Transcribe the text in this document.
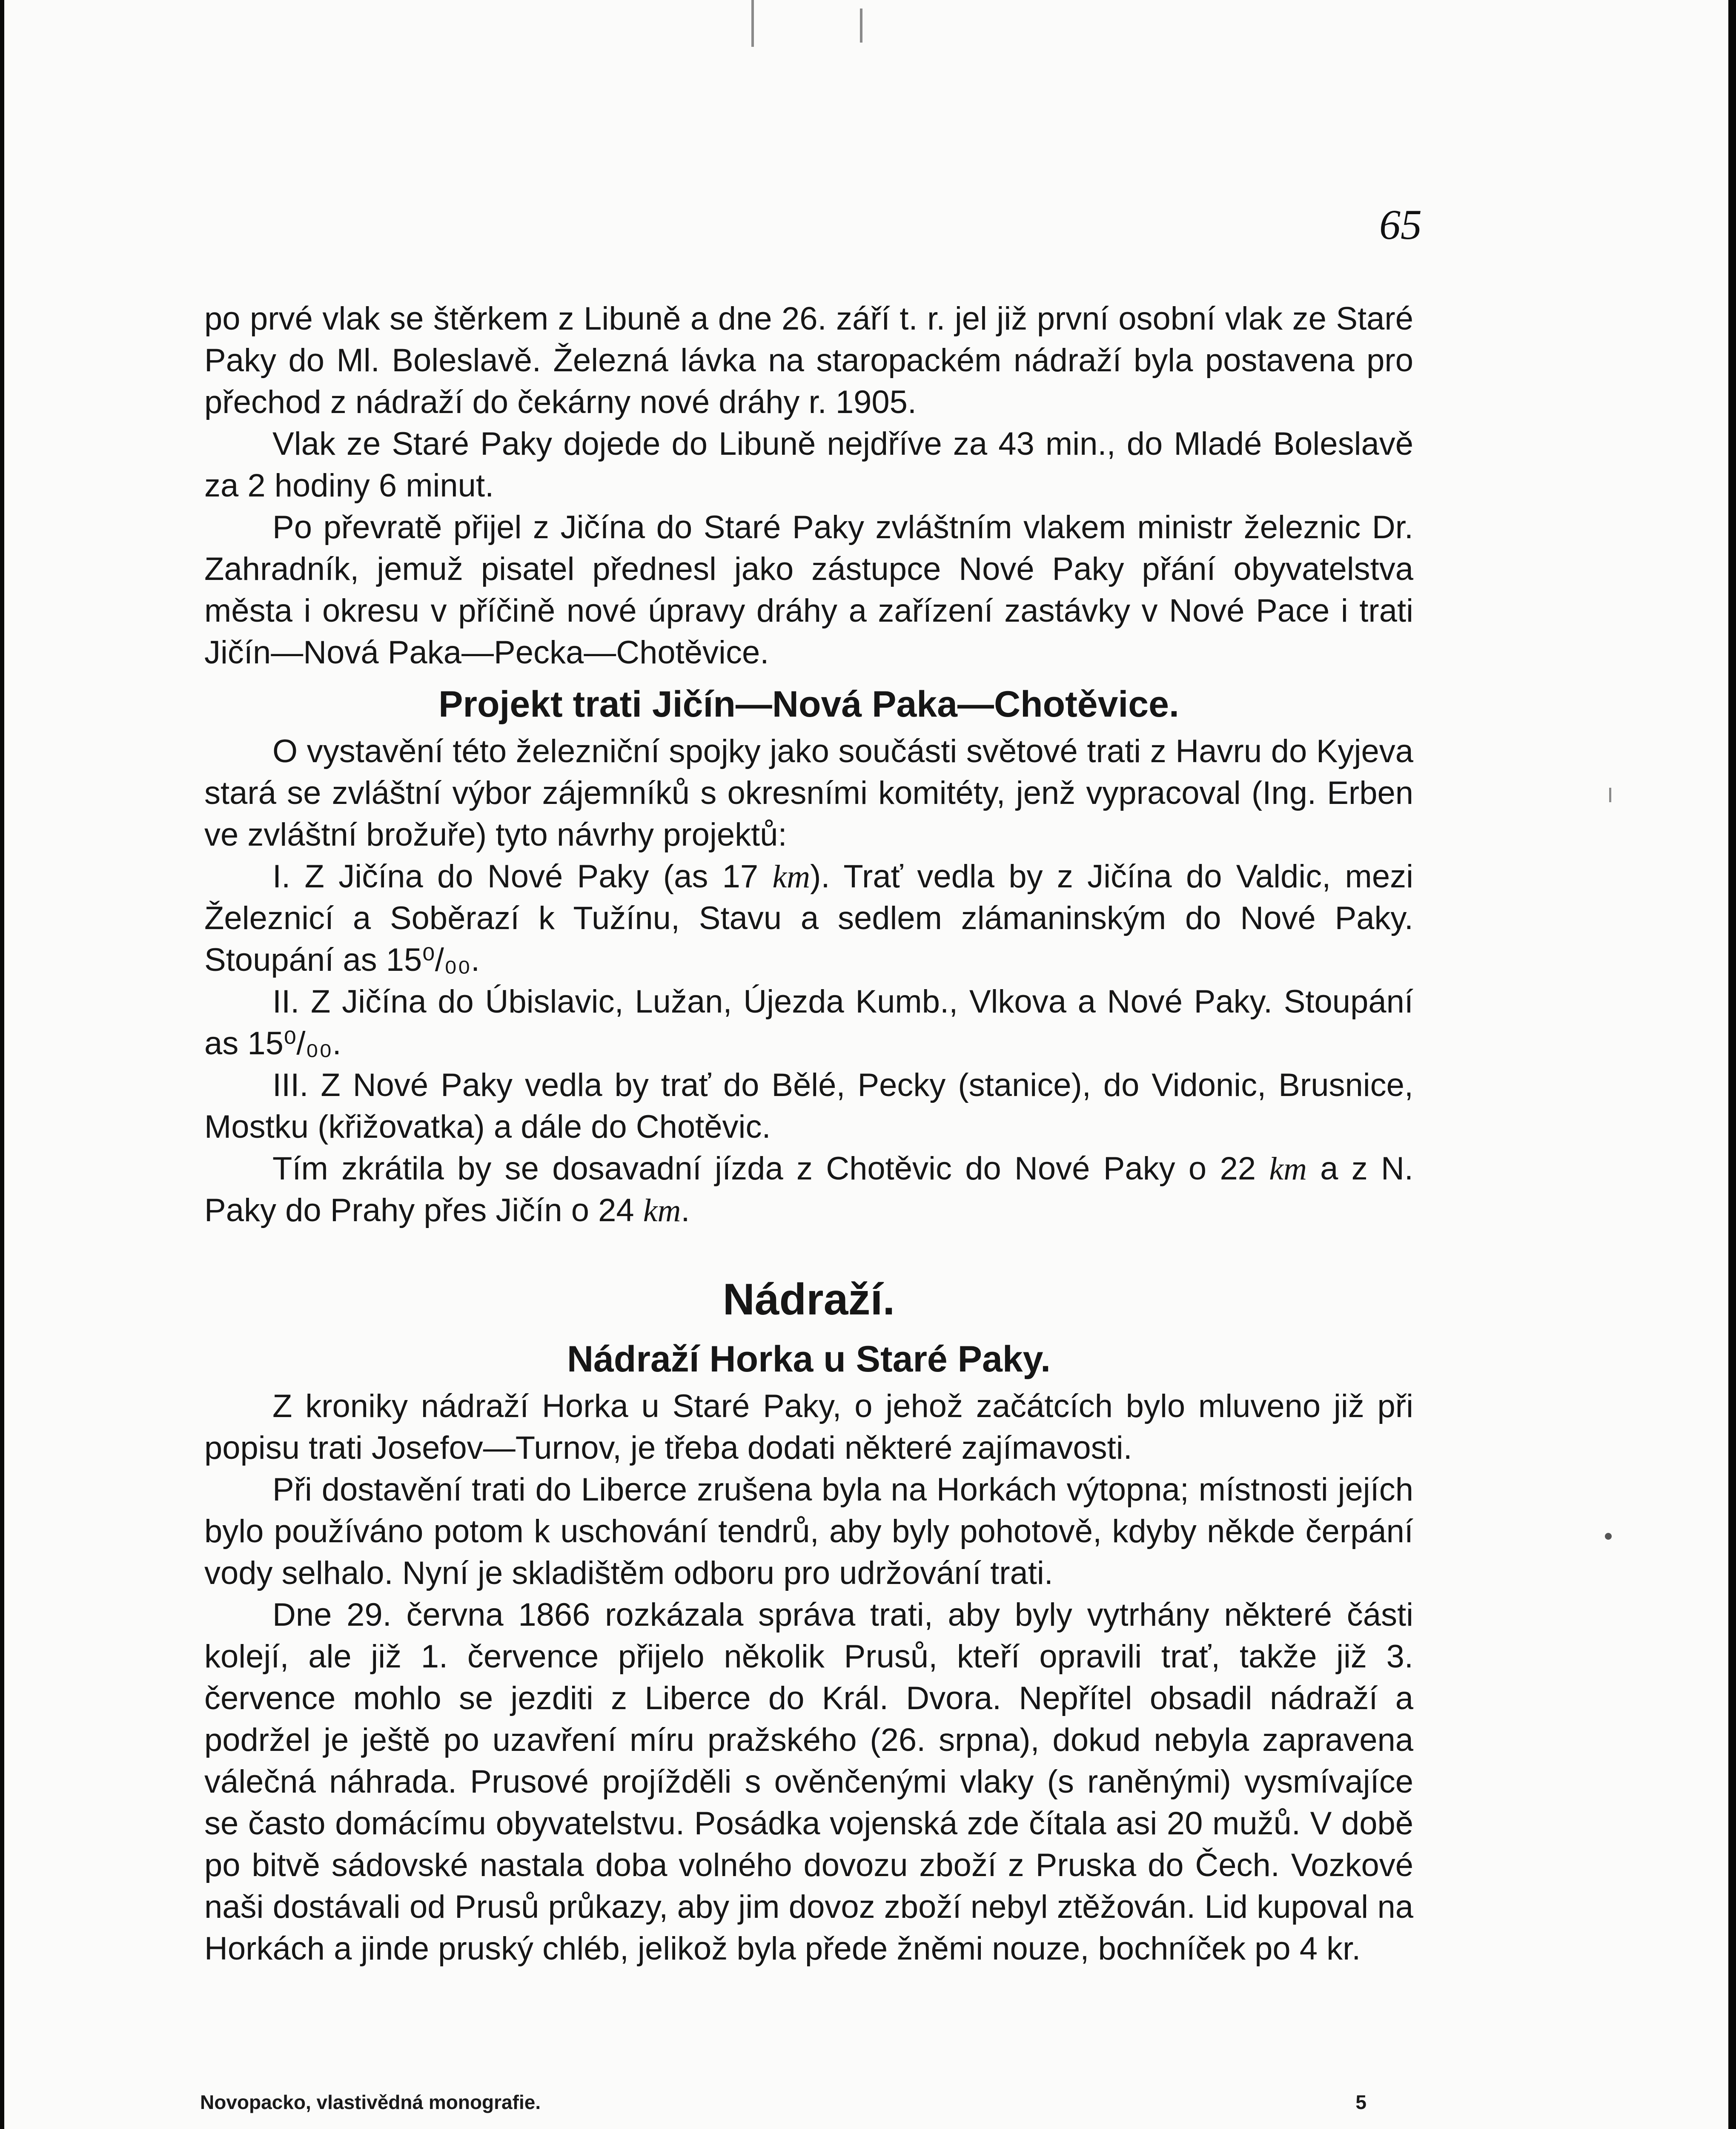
65

po prvé vlak se štěrkem z Libuně a dne 26. září t. r. jel již první osobní vlak ze Staré Paky do Ml. Boleslavě. Železná lávka na staropackém nádraží byla postavena pro přechod z nádraží do čekárny nové dráhy r. 1905.

Vlak ze Staré Paky dojede do Libuně nejdříve za 43 min., do Mladé Boleslavě za 2 hodiny 6 minut.

Po převratě přijel z Jičína do Staré Paky zvláštním vlakem ministr železnic Dr. Zahradník, jemuž pisatel přednesl jako zástupce Nové Paky přání obyvatelstva města i okresu v příčině nové úpravy dráhy a zařízení zastávky v Nové Pace i trati Jičín—Nová Paka—Pecka—Chotěvice.

Projekt trati Jičín—Nová Paka—Chotěvice.

O vystavění této železniční spojky jako součásti světové trati z Havru do Kyjeva stará se zvláštní výbor zájemníků s okresními komitéty, jenž vypracoval (Ing. Erben ve zvláštní brožuře) tyto návrhy projektů:

I. Z Jičína do Nové Paky (as 17 km). Trať vedla by z Jičína do Valdic, mezi Železnicí a Soběrazí k Tužínu, Stavu a sedlem zlámaninským do Nové Paky. Stoupání as 15⁰/₀₀.

II. Z Jičína do Úbislavic, Lužan, Újezda Kumb., Vlkova a Nové Paky. Stoupání as 15⁰/₀₀.

III. Z Nové Paky vedla by trať do Bělé, Pecky (stanice), do Vidonic, Brusnice, Mostku (křižovatka) a dále do Chotěvic.

Tím zkrátila by se dosavadní jízda z Chotěvic do Nové Paky o 22 km a z N. Paky do Prahy přes Jičín o 24 km.

Nádraží.
Nádraží Horka u Staré Paky.

Z kroniky nádraží Horka u Staré Paky, o jehož začátcích bylo mluveno již při popisu trati Josefov—Turnov, je třeba dodati některé zajímavosti.

Při dostavění trati do Liberce zrušena byla na Horkách výtopna; místnosti jejích bylo používáno potom k uschování tendrů, aby byly pohotově, kdyby někde čerpání vody selhalo. Nyní je skladištěm odboru pro udržování trati.

Dne 29. června 1866 rozkázala správa trati, aby byly vytrhány některé části kolejí, ale již 1. července přijelo několik Prusů, kteří opravili trať, takže již 3. července mohlo se jezditi z Liberce do Král. Dvora. Nepřítel obsadil nádraží a podržel je ještě po uzavření míru pražského (26. srpna), dokud nebyla zapravena válečná náhrada. Prusové projížděli s ověnčenými vlaky (s raněnými) vysmívajíce se často domácímu obyvatelstvu. Posádka vojenská zde čítala asi 20 mužů. V době po bitvě sádovské nastala doba volného dovozu zboží z Pruska do Čech. Vozkové naši dostávali od Prusů průkazy, aby jim dovoz zboží nebyl ztěžován. Lid kupoval na Horkách a jinde pruský chléb, jelikož byla přede žněmi nouze, bochníček po 4 kr.

Novopacko, vlastivědná monografie.	5
